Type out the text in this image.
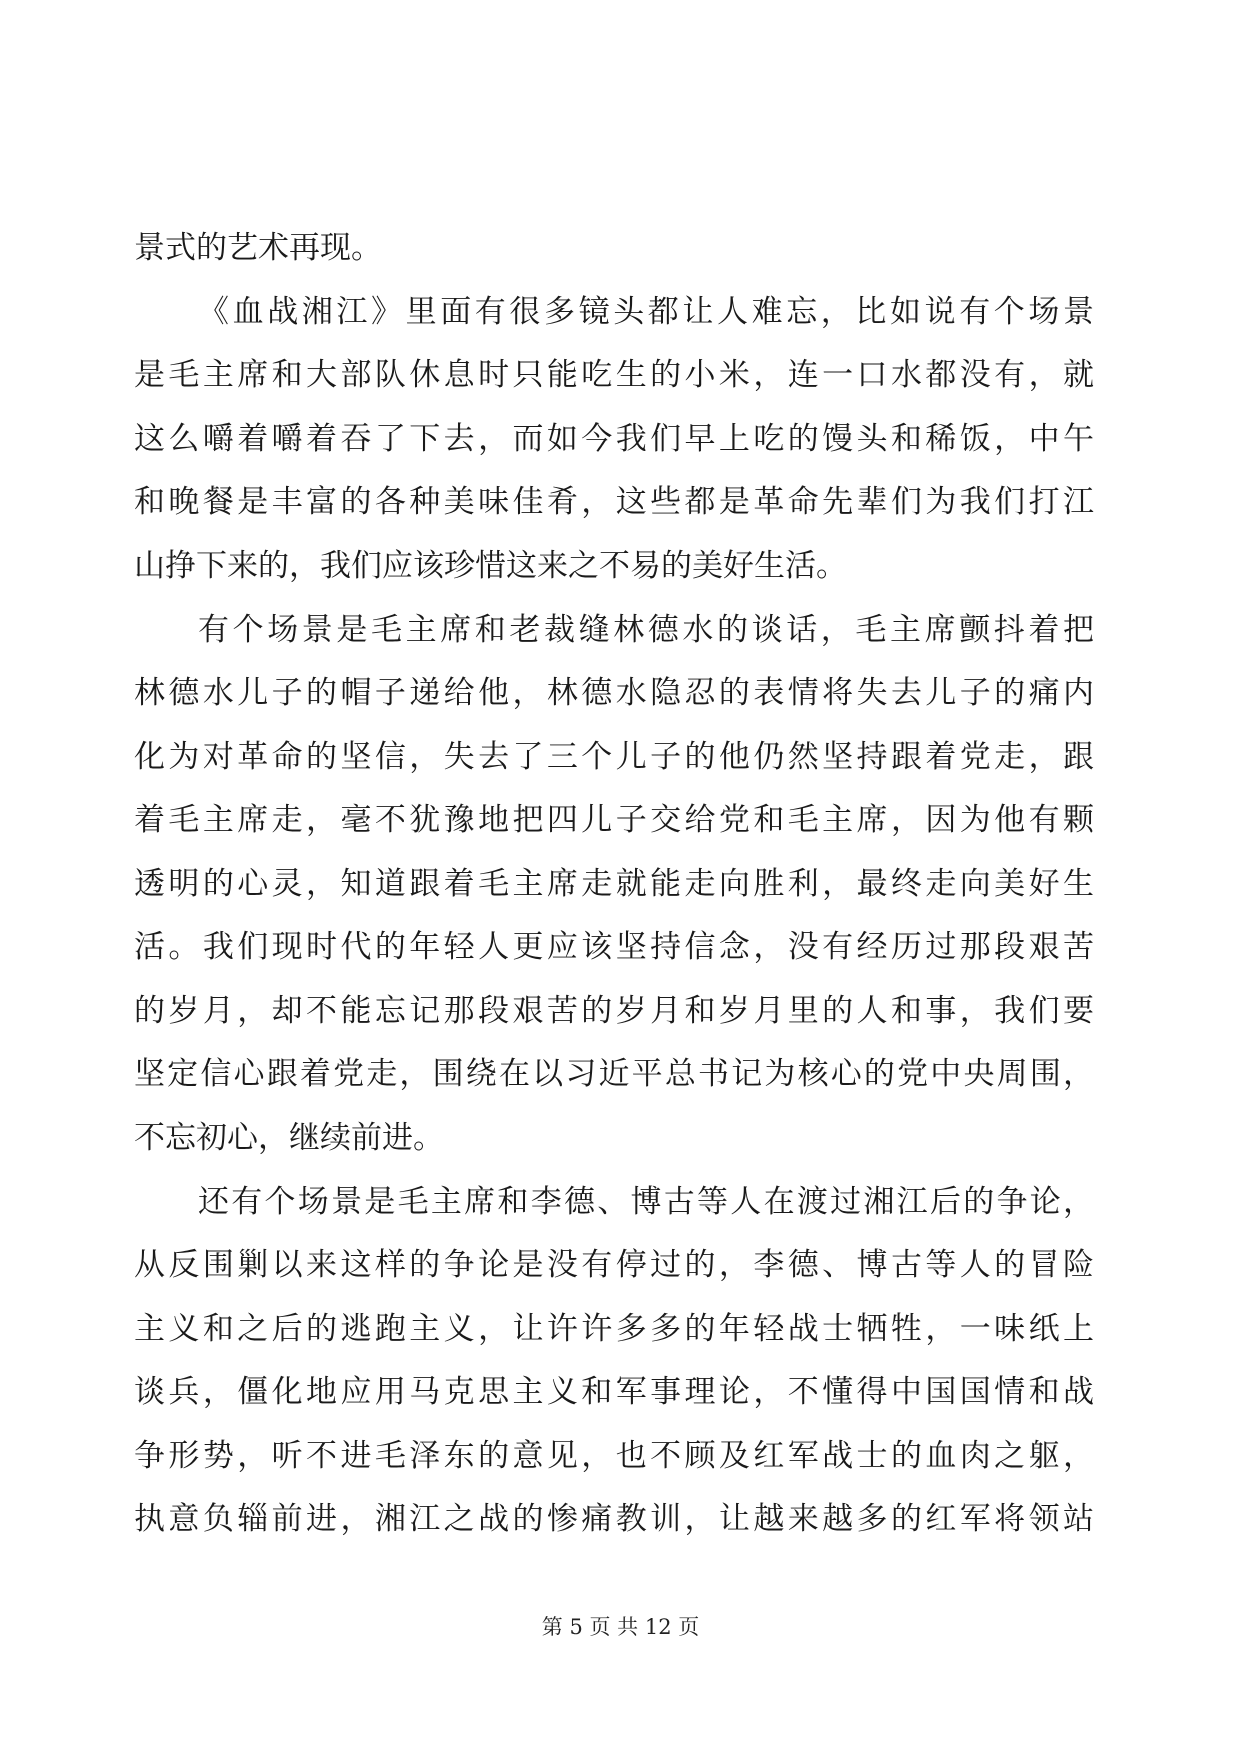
景式的艺术再现。
《血战湘江》里面有很多镜头都让人难忘，比如说有个场景
是毛主席和大部队休息时只能吃生的小米，连一口水都没有，就
这么嚼着嚼着吞了下去，而如今我们早上吃的馒头和稀饭，中午
和晚餐是丰富的各种美味佳肴，这些都是革命先辈们为我们打江
山挣下来的，我们应该珍惜这来之不易的美好生活。
有个场景是毛主席和老裁缝林德水的谈话，毛主席颤抖着把
林德水儿子的帽子递给他，林德水隐忍的表情将失去儿子的痛内
化为对革命的坚信，失去了三个儿子的他仍然坚持跟着党走，跟
着毛主席走，毫不犹豫地把四儿子交给党和毛主席，因为他有颗
透明的心灵，知道跟着毛主席走就能走向胜利，最终走向美好生
活。我们现时代的年轻人更应该坚持信念，没有经历过那段艰苦
的岁月，却不能忘记那段艰苦的岁月和岁月里的人和事，我们要
坚定信心跟着党走，围绕在以习近平总书记为核心的党中央周围，
不忘初心，继续前进。
还有个场景是毛主席和李德、博古等人在渡过湘江后的争论，
从反围剿以来这样的争论是没有停过的，李德、博古等人的冒险
主义和之后的逃跑主义，让许许多多的年轻战士牺牲，一味纸上
谈兵，僵化地应用马克思主义和军事理论，不懂得中国国情和战
争形势，听不进毛泽东的意见，也不顾及红军战士的血肉之躯，
执意负辎前进，湘江之战的惨痛教训，让越来越多的红军将领站
第 5 页 共 12 页
